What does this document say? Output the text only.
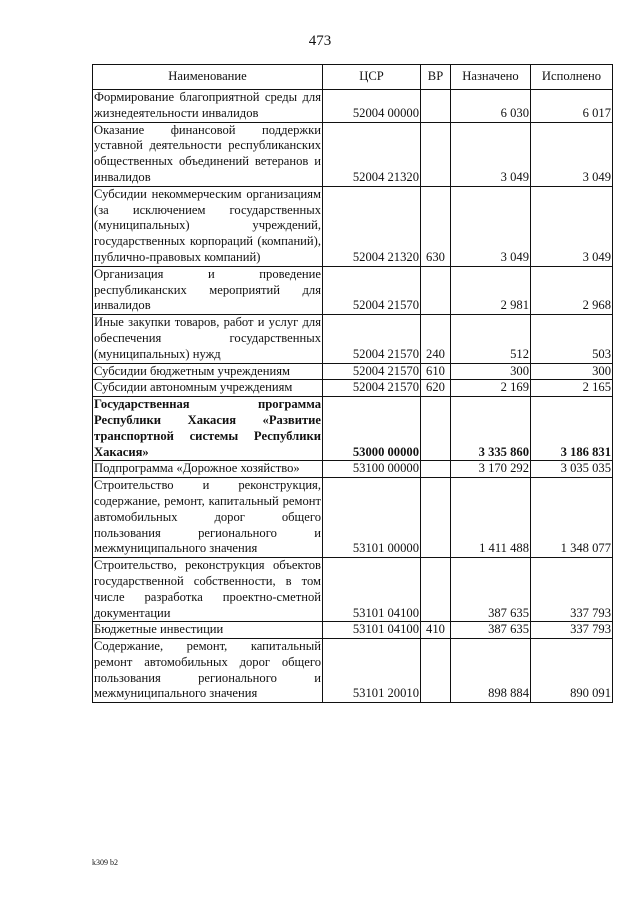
473
Наименование	ЦСР	ВР	Назначено	Исполнено
Формирование благоприятной среды для жизнедеятельности инвалидов	52004 00000		6 030	6 017
Оказание финансовой поддержки уставной деятельности республиканских общественных объединений ветеранов и инвалидов	52004 21320		3 049	3 049
Субсидии некоммерческим организациям (за исключением государственных (муниципальных) учреждений, государственных корпораций (компаний), публично-правовых компаний)	52004 21320	630	3 049	3 049
Организация и проведение республиканских мероприятий для инвалидов	52004 21570		2 981	2 968
Иные закупки товаров, работ и услуг для обеспечения государственных (муниципальных) нужд	52004 21570	240	512	503
Субсидии бюджетным учреждениям	52004 21570	610	300	300
Субсидии автономным учреждениям	52004 21570	620	2 169	2 165
Государственная программа Республики Хакасия «Развитие транспортной системы Республики Хакасия»	53000 00000		3 335 860	3 186 831
Подпрограмма «Дорожное хозяйство»	53100 00000		3 170 292	3 035 035
Строительство и реконструкция, содержание, ремонт, капитальный ремонт автомобильных дорог общего пользования регионального и межмуниципального значения	53101 00000		1 411 488	1 348 077
Строительство, реконструкция объектов государственной собственности, в том числе разработка проектно-сметной документации	53101 04100		387 635	337 793
Бюджетные инвестиции	53101 04100	410	387 635	337 793
Содержание, ремонт, капитальный ремонт автомобильных дорог общего пользования регионального и межмуниципального значения	53101 20010		898 884	890 091
k309 b2
